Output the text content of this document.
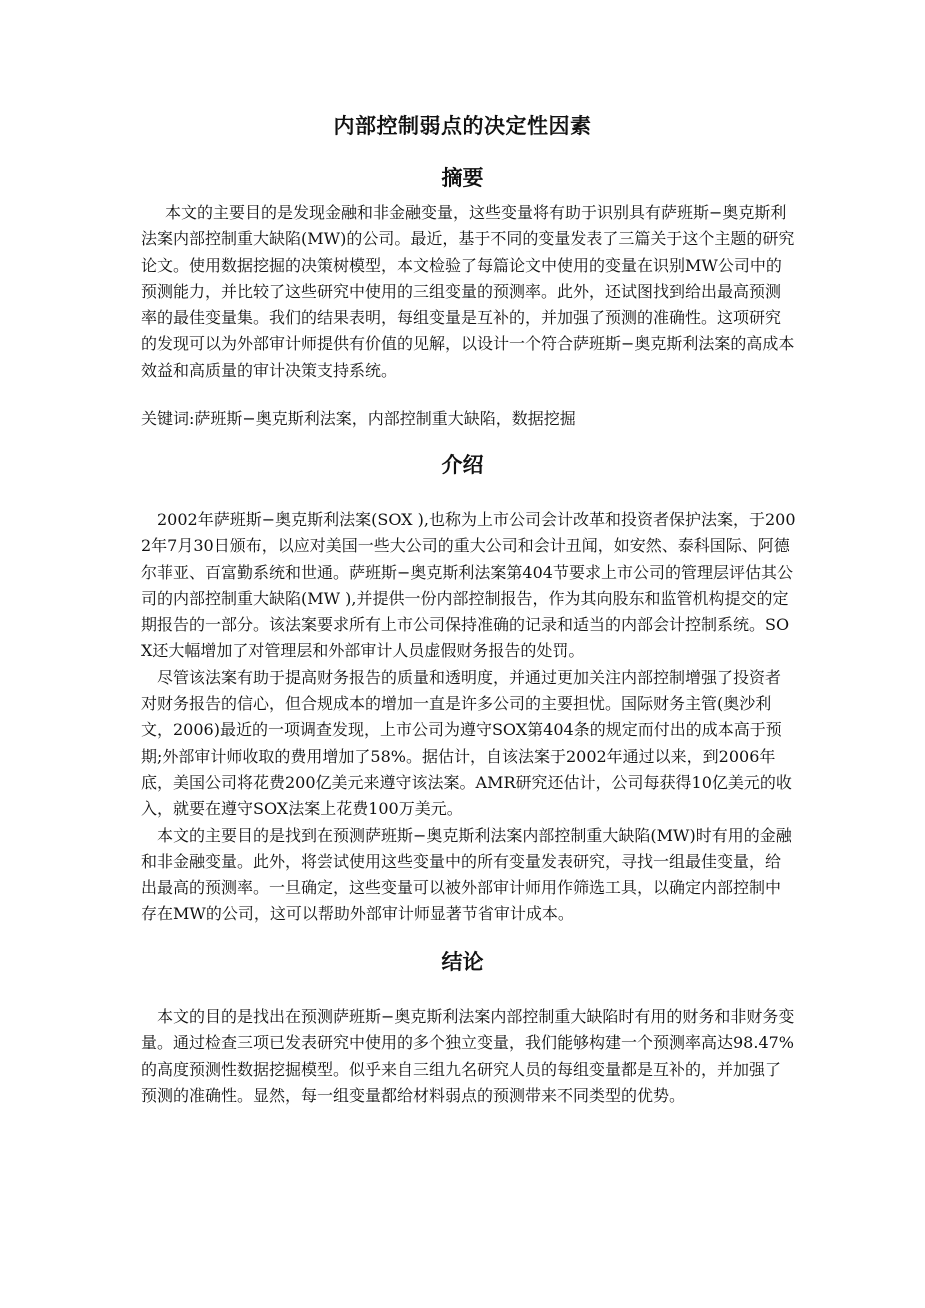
内部控制弱点的决定性因素
摘要

本文的主要目的是发现金融和非金融变量，这些变量将有助于识别具有萨班斯−奥克斯利法案内部控制重大缺陷(MW)的公司。最近，基于不同的变量发表了三篇关于这个主题的研究论文。使用数据挖掘的决策树模型，本文检验了每篇论文中使用的变量在识别MW公司中的预测能力，并比较了这些研究中使用的三组变量的预测率。此外，还试图找到给出最高预测率的最佳变量集。我们的结果表明，每组变量是互补的，并加强了预测的准确性。这项研究的发现可以为外部审计师提供有价值的见解，以设计一个符合萨班斯−奥克斯利法案的高成本效益和高质量的审计决策支持系统。

关键词:萨班斯−奥克斯利法案，内部控制重大缺陷，数据挖掘
介绍

2002年萨班斯−奥克斯利法案(SOX ),也称为上市公司会计改革和投资者保护法案，于2002年7月30日颁布，以应对美国一些大公司的重大公司和会计丑闻，如安然、泰科国际、阿德尔菲亚、百富勤系统和世通。萨班斯−奥克斯利法案第404节要求上市公司的管理层评估其公司的内部控制重大缺陷(MW ),并提供一份内部控制报告，作为其向股东和监管机构提交的定期报告的一部分。该法案要求所有上市公司保持准确的记录和适当的内部会计控制系统。SOX还大幅增加了对管理层和外部审计人员虚假财务报告的处罚。

尽管该法案有助于提高财务报告的质量和透明度，并通过更加关注内部控制增强了投资者对财务报告的信心，但合规成本的增加一直是许多公司的主要担忧。国际财务主管(奥沙利文，2006)最近的一项调查发现，上市公司为遵守SOX第404条的规定而付出的成本高于预期;外部审计师收取的费用增加了58%。据估计，自该法案于2002年通过以来，到2006年底，美国公司将花费200亿美元来遵守该法案。AMR研究还估计，公司每获得10亿美元的收入，就要在遵守SOX法案上花费100万美元。

本文的主要目的是找到在预测萨班斯−奥克斯利法案内部控制重大缺陷(MW)时有用的金融和非金融变量。此外，将尝试使用这些变量中的所有变量发表研究，寻找一组最佳变量，给出最高的预测率。一旦确定，这些变量可以被外部审计师用作筛选工具，以确定内部控制中存在MW的公司，这可以帮助外部审计师显著节省审计成本。

结论

本文的目的是找出在预测萨班斯−奥克斯利法案内部控制重大缺陷时有用的财务和非财务变量。通过检查三项已发表研究中使用的多个独立变量，我们能够构建一个预测率高达98.47%的高度预测性数据挖掘模型。似乎来自三组九名研究人员的每组变量都是互补的，并加强了预测的准确性。显然，每一组变量都给材料弱点的预测带来不同类型的优势。
